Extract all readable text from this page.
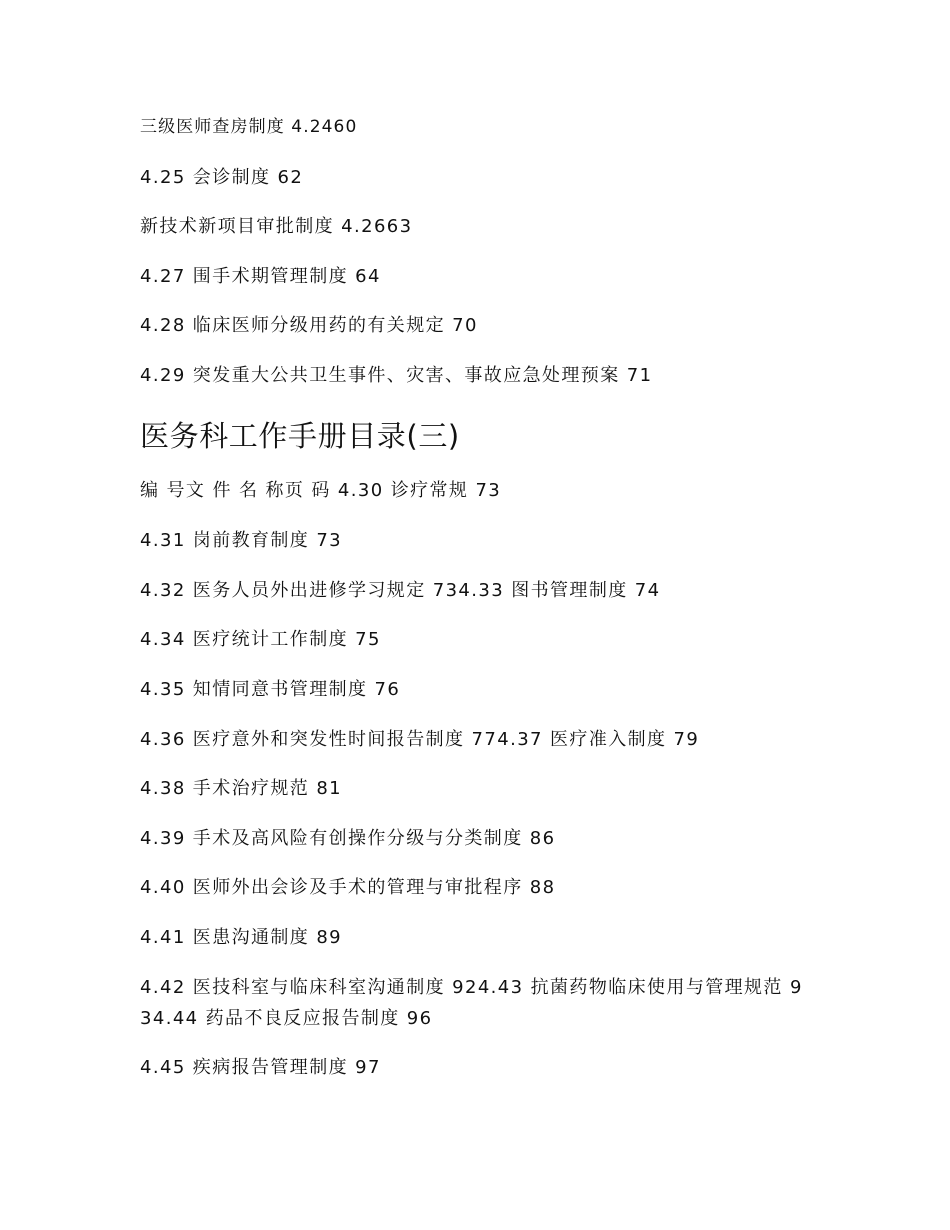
三级医师查房制度 4.2460
4.25 会诊制度 62
新技术新项目审批制度 4.2663
4.27 围手术期管理制度 64
4.28 临床医师分级用药的有关规定 70
4.29 突发重大公共卫生事件、灾害、事故应急处理预案 71
医务科工作手册目录(三)
编 号文 件 名 称页 码 4.30 诊疗常规 73
4.31 岗前教育制度 73
4.32 医务人员外出进修学习规定 734.33 图书管理制度 74
4.34 医疗统计工作制度 75
4.35 知情同意书管理制度 76
4.36 医疗意外和突发性时间报告制度 774.37 医疗准入制度 79
4.38 手术治疗规范 81
4.39 手术及高风险有创操作分级与分类制度 86
4.40 医师外出会诊及手术的管理与审批程序 88
4.41 医患沟通制度 89
4.42 医技科室与临床科室沟通制度 924.43 抗菌药物临床使用与管理规范 934.44 药品不良反应报告制度 96
4.45 疾病报告管理制度 97
